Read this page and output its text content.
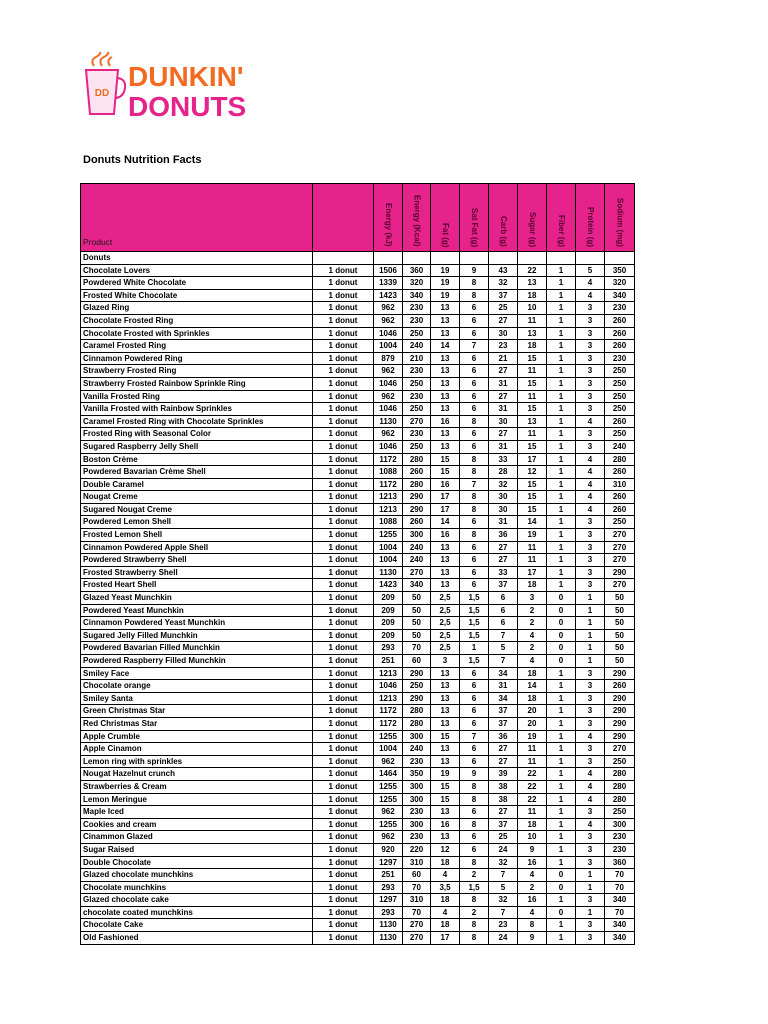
DD
DUNKIN'
DONUTS
Donuts Nutrition Facts
Product		Energy (kJ)	Energy (Kcal)	Fat (g)	Sat Fat (g)	Carb (g)	Sugar (g)	Fiber (g)	Protein (g)	Sodium (mg)

Donuts										
Chocolate Lovers	1 donut	1506	360	19	9	43	22	1	5	350
Powdered White Chocolate	1 donut	1339	320	19	8	32	13	1	4	320
Frosted White Chocolate	1 donut	1423	340	19	8	37	18	1	4	340
Glazed Ring	1 donut	962	230	13	6	25	10	1	3	230
Chocolate Frosted Ring	1 donut	962	230	13	6	27	11	1	3	260
Chocolate Frosted with Sprinkles	1 donut	1046	250	13	6	30	13	1	3	260
Caramel Frosted Ring	1 donut	1004	240	14	7	23	18	1	3	260
Cinnamon Powdered Ring	1 donut	879	210	13	6	21	15	1	3	230
Strawberry Frosted Ring	1 donut	962	230	13	6	27	11	1	3	250
Strawberry Frosted Rainbow Sprinkle Ring	1 donut	1046	250	13	6	31	15	1	3	250
Vanilla Frosted Ring	1 donut	962	230	13	6	27	11	1	3	250
Vanilla Frosted with Rainbow Sprinkles	1 donut	1046	250	13	6	31	15	1	3	250
Caramel Frosted Ring with Chocolate Sprinkles	1 donut	1130	270	16	8	30	13	1	4	260
Frosted Ring with Seasonal Color	1 donut	962	230	13	6	27	11	1	3	250
Sugared Raspberry Jelly Shell	1 donut	1046	250	13	6	31	15	1	3	240
Boston Crème	1 donut	1172	280	15	8	33	17	1	4	280
Powdered Bavarian Crème Shell	1 donut	1088	260	15	8	28	12	1	4	260
Double Caramel	1 donut	1172	280	16	7	32	15	1	4	310
Nougat Creme	1 donut	1213	290	17	8	30	15	1	4	260
Sugared Nougat Creme	1 donut	1213	290	17	8	30	15	1	4	260
Powdered Lemon Shell	1 donut	1088	260	14	6	31	14	1	3	250
Frosted Lemon Shell	1 donut	1255	300	16	8	36	19	1	3	270
Cinnamon Powdered Apple Shell	1 donut	1004	240	13	6	27	11	1	3	270
Powdered Strawberry Shell	1 donut	1004	240	13	6	27	11	1	3	270
Frosted Strawberry Shell	1 donut	1130	270	13	6	33	17	1	3	290
Frosted Heart Shell	1 donut	1423	340	13	6	37	18	1	3	270
Glazed Yeast Munchkin	1 donut	209	50	2,5	1,5	6	3	0	1	50
Powdered Yeast Munchkin	1 donut	209	50	2,5	1,5	6	2	0	1	50
Cinnamon Powdered Yeast Munchkin	1 donut	209	50	2,5	1,5	6	2	0	1	50
Sugared Jelly Filled Munchkin	1 donut	209	50	2,5	1,5	7	4	0	1	50
Powdered Bavarian Filled Munchkin	1 donut	293	70	2,5	1	5	2	0	1	50
Powdered Raspberry Filled Munchkin	1 donut	251	60	3	1,5	7	4	0	1	50
Smiley Face	1 donut	1213	290	13	6	34	18	1	3	290
Chocolate orange	1 donut	1046	250	13	6	31	14	1	3	260
Smiley Santa	1 donut	1213	290	13	6	34	18	1	3	290
Green Christmas Star	1 donut	1172	280	13	6	37	20	1	3	290
Red Christmas Star	1 donut	1172	280	13	6	37	20	1	3	290
Apple Crumble	1 donut	1255	300	15	7	36	19	1	4	290
Apple Cinamon	1 donut	1004	240	13	6	27	11	1	3	270
Lemon ring with sprinkles	1 donut	962	230	13	6	27	11	1	3	250
Nougat Hazelnut crunch	1 donut	1464	350	19	9	39	22	1	4	280
Strawberries & Cream	1 donut	1255	300	15	8	38	22	1	4	280
Lemon Meringue	1 donut	1255	300	15	8	38	22	1	4	280
Maple Iced	1 donut	962	230	13	6	27	11	1	3	250
Cookies and cream	1 donut	1255	300	16	8	37	18	1	4	300
Cinammon Glazed	1 donut	962	230	13	6	25	10	1	3	230
Sugar Raised	1 donut	920	220	12	6	24	9	1	3	230
Double Chocolate	1 donut	1297	310	18	8	32	16	1	3	360
Glazed chocolate munchkins	1 donut	251	60	4	2	7	4	0	1	70
Chocolate munchkins	1 donut	293	70	3,5	1,5	5	2	0	1	70
Glazed chocolate cake	1 donut	1297	310	18	8	32	16	1	3	340
chocolate coated munchkins	1 donut	293	70	4	2	7	4	0	1	70
Chocolate Cake	1 donut	1130	270	18	8	23	8	1	3	340
Old Fashioned	1 donut	1130	270	17	8	24	9	1	3	340
